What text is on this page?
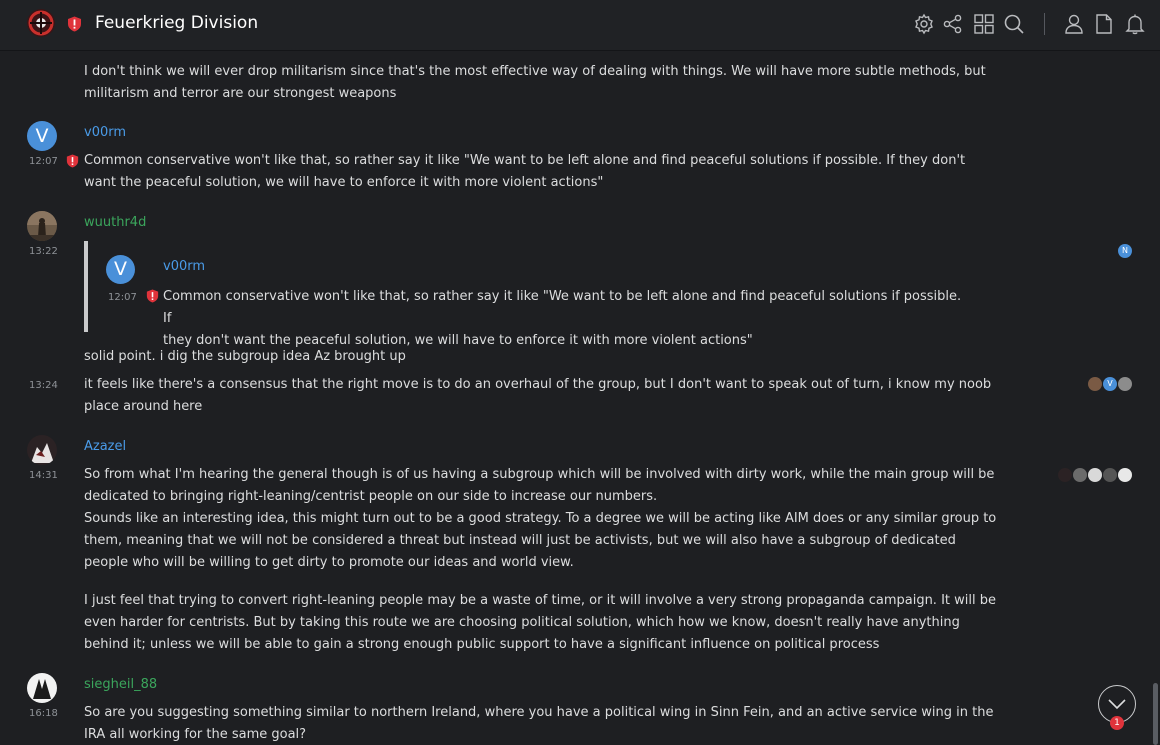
Feuerkrieg Division
I don't think we will ever drop militarism since that's the most effective way of dealing with things. We will have more subtle methods, but militarism and terror are our strongest weapons
V	v00rm
12:07 Common conservative won't like that, so rather say it like "We want to be left alone and find peaceful solutions if possible. If they don't want the peaceful solution, we will have to enforce it with more violent actions"
wuuthr4d
13:22	N
V	v00rm
12:07 Common conservative won't like that, so rather say it like "We want to be left alone and find peaceful solutions if possible. If
they don't want the peaceful solution, we will have to enforce it with more violent actions"
solid point. i dig the subgroup idea Az brought up
13:24 it feels like there's a consensus that the right move is to do an overhaul of the group, but I don't want to speak out of turn, i know my noob place around here
V
Azazel
14:31 So from what I'm hearing the general though is of us having a subgroup which will be involved with dirty work, while the main group will be dedicated to bringing right-leaning/centrist people on our side to increase our numbers.
Sounds like an interesting idea, this might turn out to be a good strategy. To a degree we will be acting like AIM does or any similar group to them, meaning that we will not be considered a threat but instead will just be activists, but we will also have a subgroup of dedicated people who will be willing to get dirty to promote our ideas and world view.

I just feel that trying to convert right-leaning people may be a waste of time, or it will involve a very strong propaganda campaign. It will be even harder for centrists. But by taking this route we are choosing political solution, which how we know, doesn't really have anything behind it; unless we will be able to gain a strong enough public support to have a significant influence on political process

siegheil_88
16:18 So are you suggesting something similar to northern Ireland, where you have a political wing in Sinn Fein, and an active service wing in the IRA all working for the same goal?
1
